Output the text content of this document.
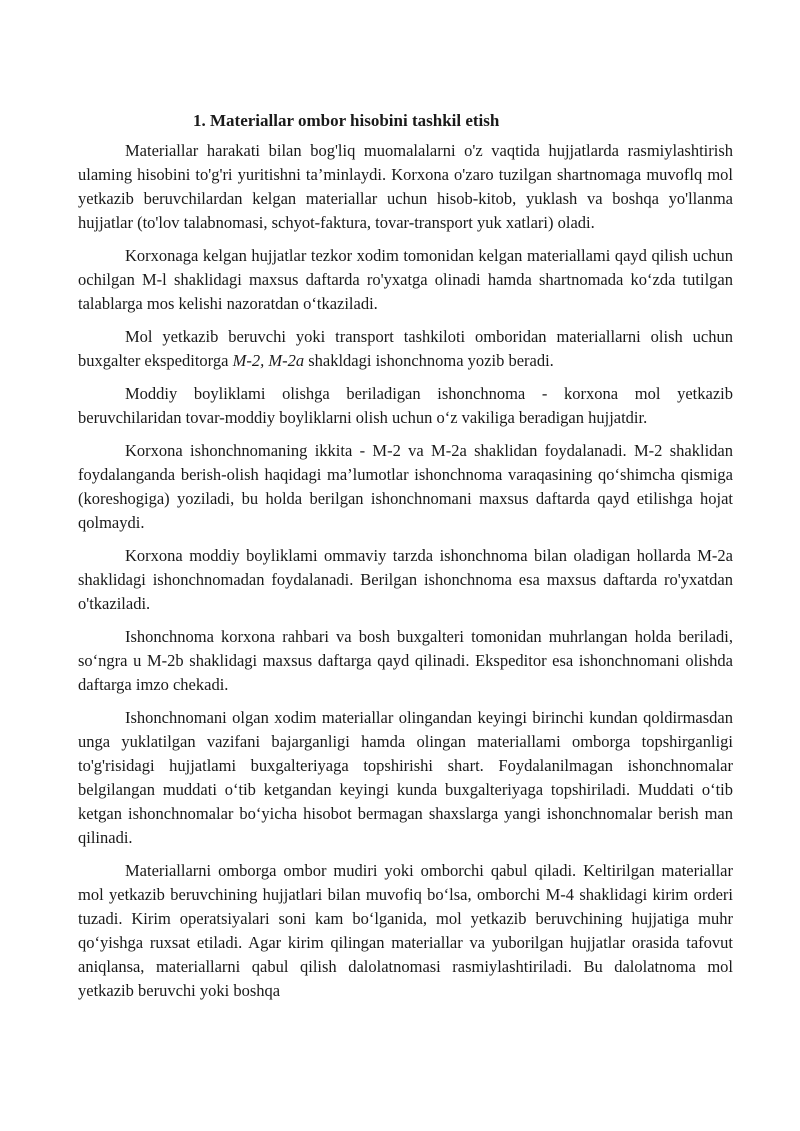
1. Materiallar ombor hisobini tashkil etish

Materiallar harakati bilan bog'liq muomalalarni o'z vaqtida hujjatlarda rasmiylashtirish ulaming hisobini to'g'ri yuritishni ta’minlaydi. Korxona o'zaro tuzilgan shartnomaga muvoflq mol yetkazib beruvchilardan kelgan materiallar uchun hisob-kitob, yuklash va boshqa yo'llanma hujjatlar (to'lov talabnomasi, schyot-faktura, tovar-transport yuk xatlari) oladi.

Korxonaga kelgan hujjatlar tezkor xodim tomonidan kelgan materiallami qayd qilish uchun ochilgan M-l shaklidagi maxsus daftarda ro'yxatga olinadi hamda shartnomada ko‘zda tutilgan talablarga mos kelishi nazoratdan o‘tkaziladi.

Mol yetkazib beruvchi yoki transport tashkiloti omboridan materiallarni olish uchun buxgalter ekspeditorga M-2, M-2a shakldagi ishonchnoma yozib beradi.

Moddiy boyliklami olishga beriladigan ishonchnoma - korxona mol yetkazib beruvchilaridan tovar-moddiy boyliklarni olish uchun o‘z vakiliga beradigan hujjatdir.

Korxona ishonchnomaning ikkita - M-2 va M-2a shaklidan foydalanadi. M-2 shaklidan foydalanganda berish-olish haqidagi ma’lumotlar ishonchnoma varaqasining qo‘shimcha qismiga (koreshogiga) yoziladi, bu holda berilgan ishonchnomani maxsus daftarda qayd etilishga hojat qolmaydi.

Korxona moddiy boyliklami ommaviy tarzda ishonchnoma bilan oladigan hollarda M-2a shaklidagi ishonchnomadan foydalanadi. Berilgan ishonchnoma esa maxsus daftarda ro'yxatdan o'tkaziladi.

Ishonchnoma korxona rahbari va bosh buxgalteri tomonidan muhrlangan holda beriladi, so‘ngra u M-2b shaklidagi maxsus daftarga qayd qilinadi. Ekspeditor esa ishonchnomani olishda daftarga imzo chekadi.

Ishonchnomani olgan xodim materiallar olingandan keyingi birinchi kundan qoldirmasdan unga yuklatilgan vazifani bajarganligi hamda olingan materiallami omborga topshirganligi to'g'risidagi hujjatlami buxgalteriyaga topshirishi shart. Foydalanilmagan ishonchnomalar belgilangan muddati o‘tib ketgandan keyingi kunda buxgalteriyaga topshiriladi. Muddati o‘tib ketgan ishonchnomalar bo‘yicha hisobot bermagan shaxslarga yangi ishonchnomalar berish man qilinadi.

Materiallarni omborga ombor mudiri yoki omborchi qabul qiladi. Keltirilgan materiallar mol yetkazib beruvchining hujjatlari bilan muvofiq bo‘lsa, omborchi M-4 shaklidagi kirim orderi tuzadi. Kirim operatsiyalari soni kam bo‘lganida, mol yetkazib beruvchining hujjatiga muhr qo‘yishga ruxsat etiladi. Agar kirim qilingan materiallar va yuborilgan hujjatlar orasida tafovut aniqlansa, materiallarni qabul qilish dalolatnomasi rasmiylashtiriladi. Bu dalolatnoma mol yetkazib beruvchi yoki boshqa
